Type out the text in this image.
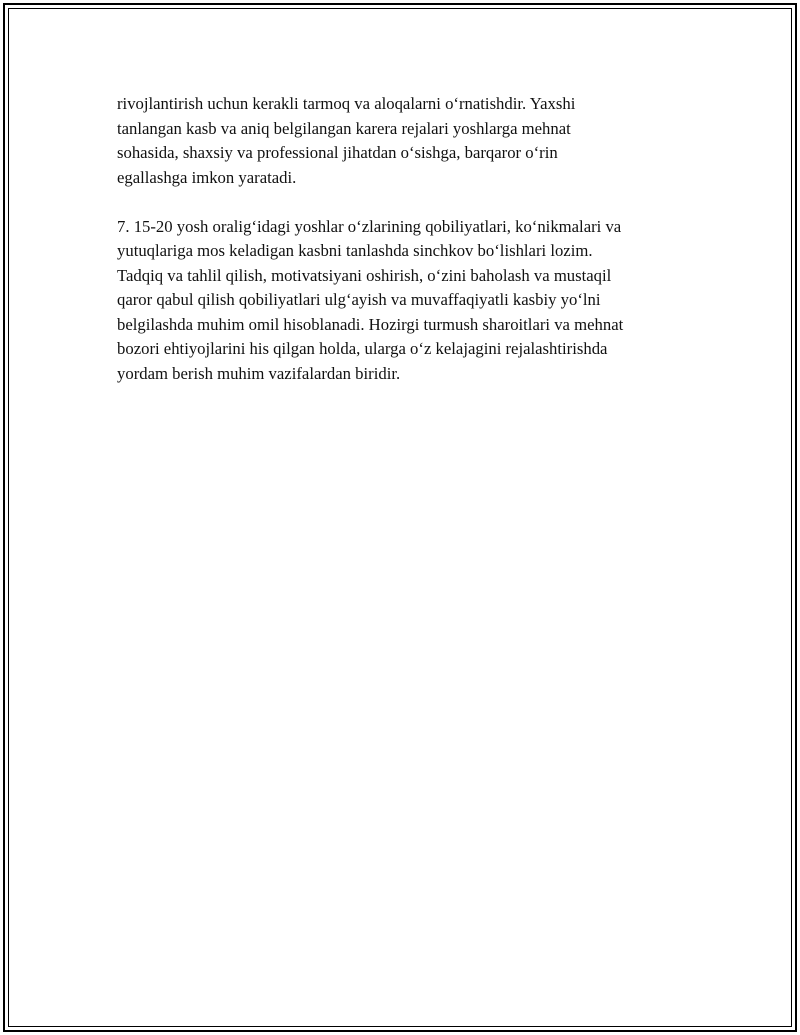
rivojlantirish uchun kerakli tarmoq va aloqalarni oʻrnatishdir. Yaxshi
tanlangan kasb va aniq belgilangan karera rejalari yoshlarga mehnat
sohasida, shaxsiy va professional jihatdan oʻsishga, barqaror oʻrin
egallashga imkon yaratadi.

7. 15-20 yosh oraligʻidagi yoshlar oʻzlarining qobiliyatlari, koʻnikmalari va
yutuqlariga mos keladigan kasbni tanlashda sinchkov boʻlishlari lozim.
Tadqiq va tahlil qilish, motivatsiyani oshirish, oʻzini baholash va mustaqil
qaror qabul qilish qobiliyatlari ulgʻayish va muvaffaqiyatli kasbiy yoʻlni
belgilashda muhim omil hisoblanadi. Hozirgi turmush sharoitlari va mehnat
bozori ehtiyojlarini his qilgan holda, ularga oʻz kelajagini rejalashtirishda
yordam berish muhim vazifalardan biridir.
